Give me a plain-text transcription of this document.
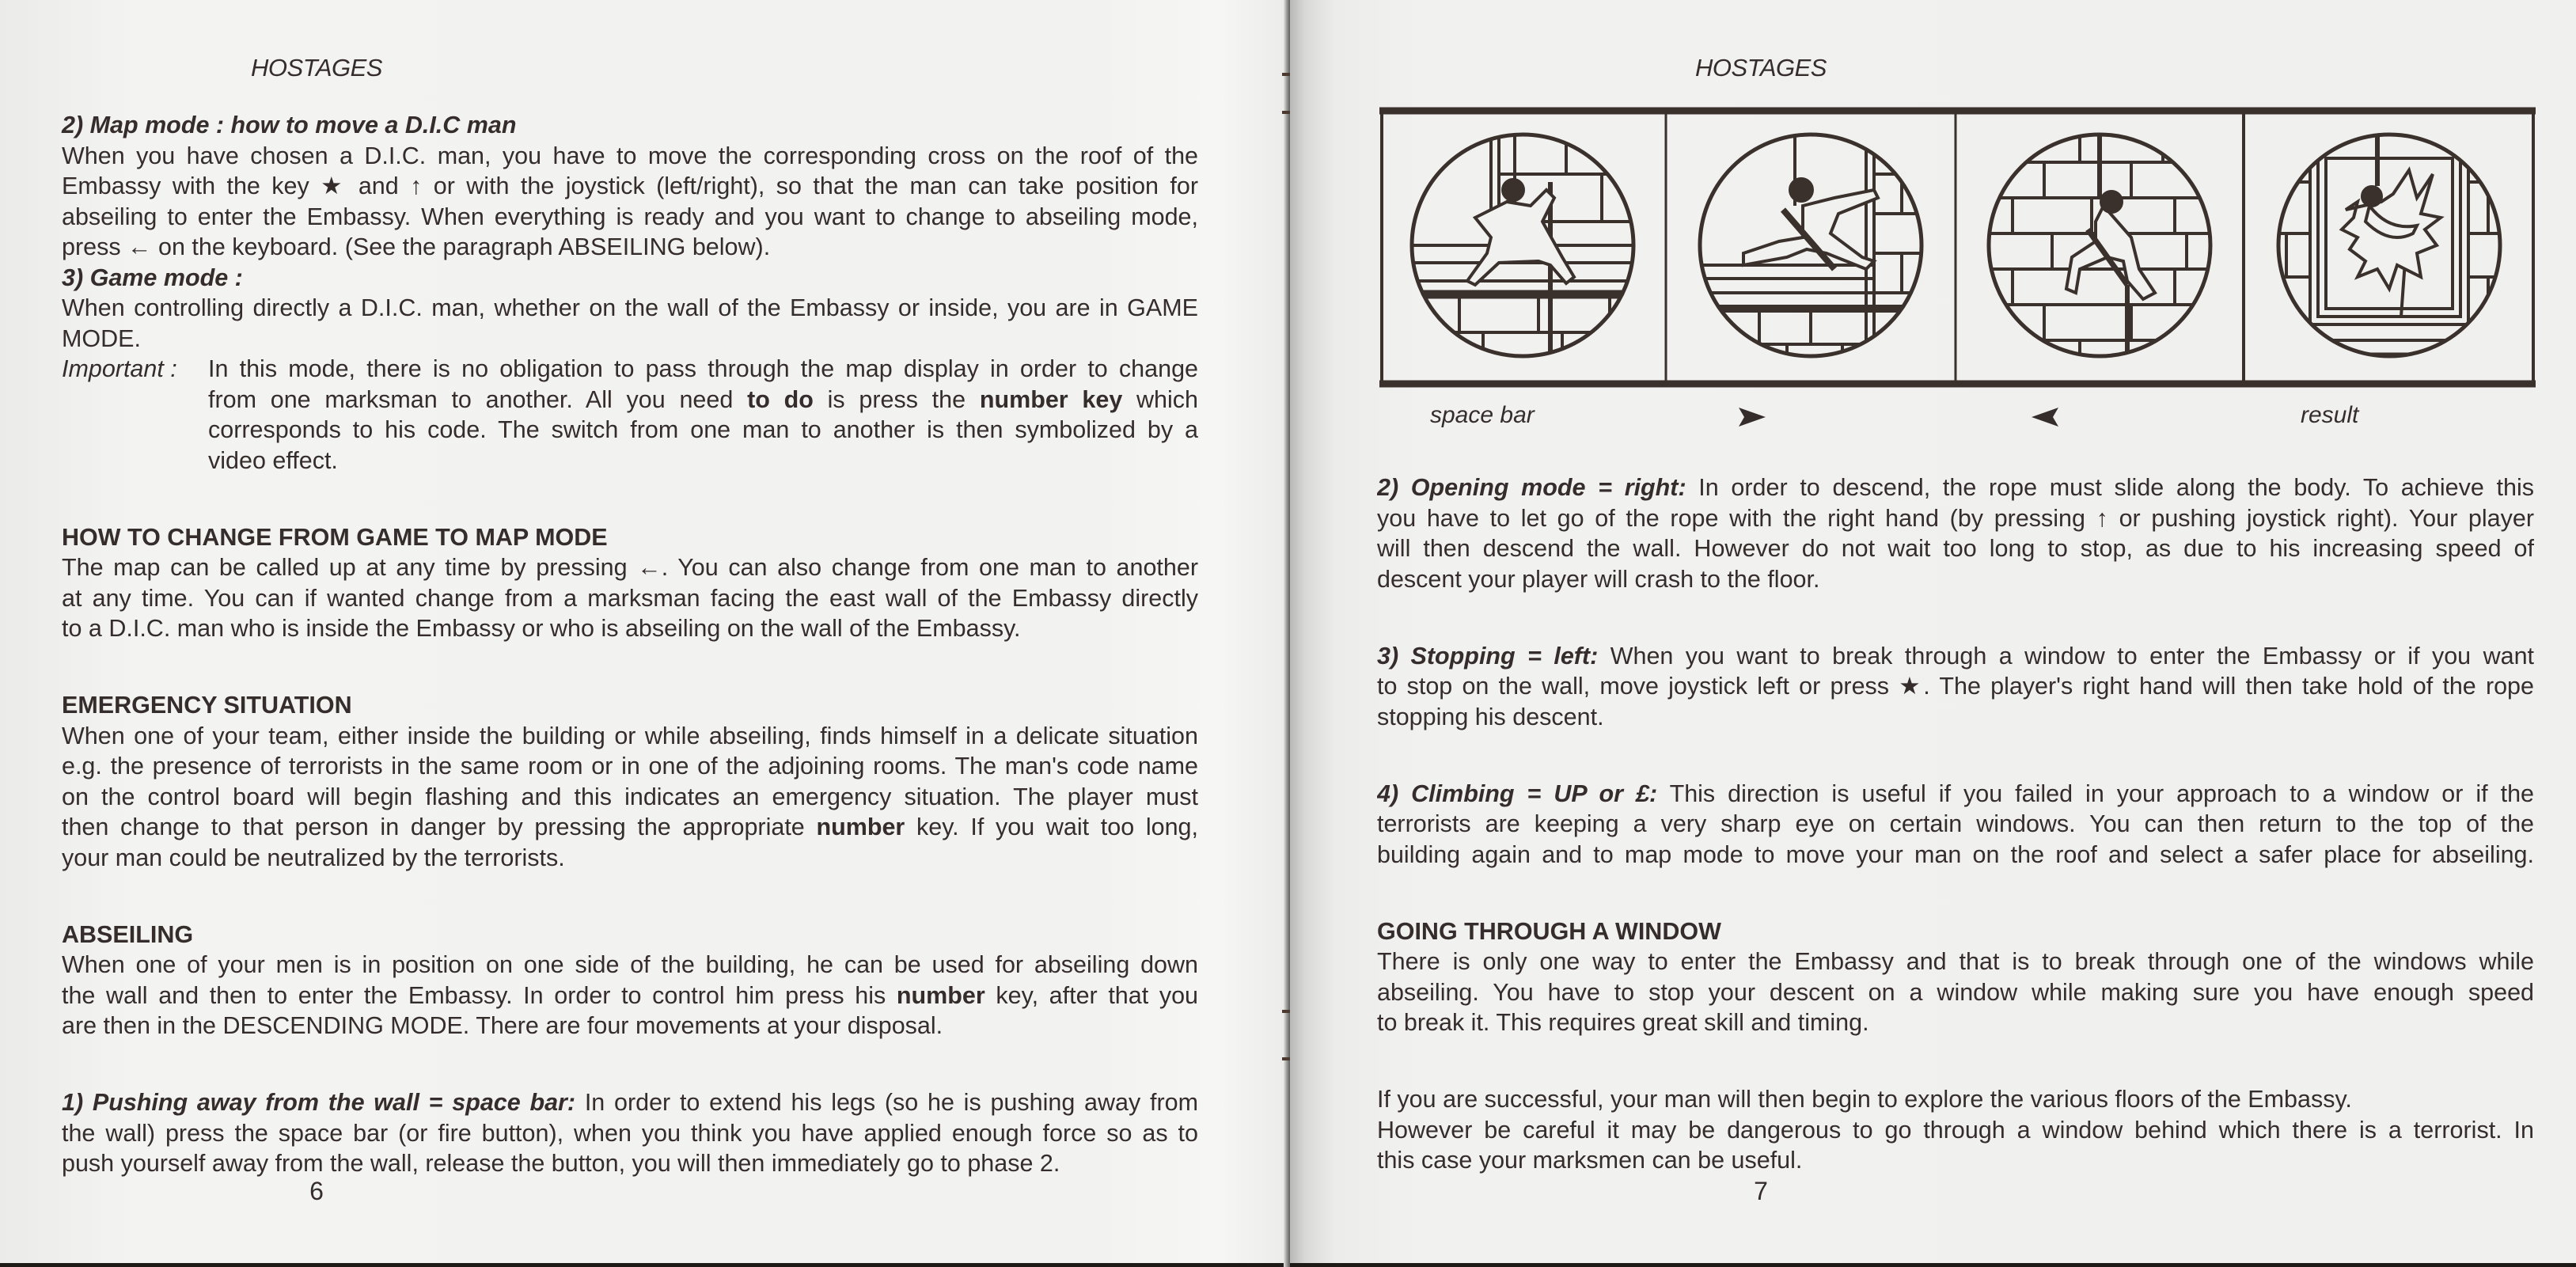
HOSTAGES
2) Map mode : how to move a D.I.C man
When you have chosen a D.I.C. man, you have to move the corresponding cross on the roof of the
Embassy with the key ★ and ↑ or with the joystick (left/right), so that the man can take position for
abseiling to enter the Embassy. When everything is ready and you want to change to abseiling mode,
press ← on the keyboard. (See the paragraph ABSEILING below).
3) Game mode :
When controlling directly a D.I.C. man, whether on the wall of the Embassy or inside, you are in GAME
MODE.
Important :	In this mode, there is no obligation to pass through the map display in order to change
from one marksman to another. All you need to do is press the number key which
corresponds to his code. The switch from one man to another is then symbolized by a
video effect.
HOW TO CHANGE FROM GAME TO MAP MODE
The map can be called up at any time by pressing ←. You can also change from one man to another
at any time. You can if wanted change from a marksman facing the east wall of the Embassy directly
to a D.I.C. man who is inside the Embassy or who is abseiling on the wall of the Embassy.
EMERGENCY SITUATION
When one of your team, either inside the building or while abseiling, finds himself in a delicate situation
e.g. the presence of terrorists in the same room or in one of the adjoining rooms. The man's code name
on the control board will begin flashing and this indicates an emergency situation. The player must
then change to that person in danger by pressing the appropriate number key. If you wait too long,
your man could be neutralized by the terrorists.
ABSEILING
When one of your men is in position on one side of the building, he can be used for abseiling down
the wall and then to enter the Embassy. In order to control him press his number key, after that you
are then in the DESCENDING MODE. There are four movements at your disposal.
1) Pushing away from the wall = space bar: In order to extend his legs (so he is pushing away from
the wall) press the space bar (or fire button), when you think you have applied enough force so as to
push yourself away from the wall, release the button, you will then immediately go to phase 2.
6
HOSTAGES
space bar	result
2) Opening mode = right: In order to descend, the rope must slide along the body. To achieve this
you have to let go of the rope with the right hand (by pressing ↑ or pushing joystick right). Your player
will then descend the wall. However do not wait too long to stop, as due to his increasing speed of
descent your player will crash to the floor.
3) Stopping = left: When you want to break through a window to enter the Embassy or if you want
to stop on the wall, move joystick left or press ★. The player's right hand will then take hold of the rope
stopping his descent.
4) Climbing = UP or £: This direction is useful if you failed in your approach to a window or if the
terrorists are keeping a very sharp eye on certain windows. You can then return to the top of the
building again and to map mode to move your man on the roof and select a safer place for abseiling.
GOING THROUGH A WINDOW
There is only one way to enter the Embassy and that is to break through one of the windows while
abseiling. You have to stop your descent on a window while making sure you have enough speed
to break it. This requires great skill and timing.
If you are successful, your man will then begin to explore the various floors of the Embassy.
However be careful it may be dangerous to go through a window behind which there is a terrorist. In
this case your marksmen can be useful.
7
